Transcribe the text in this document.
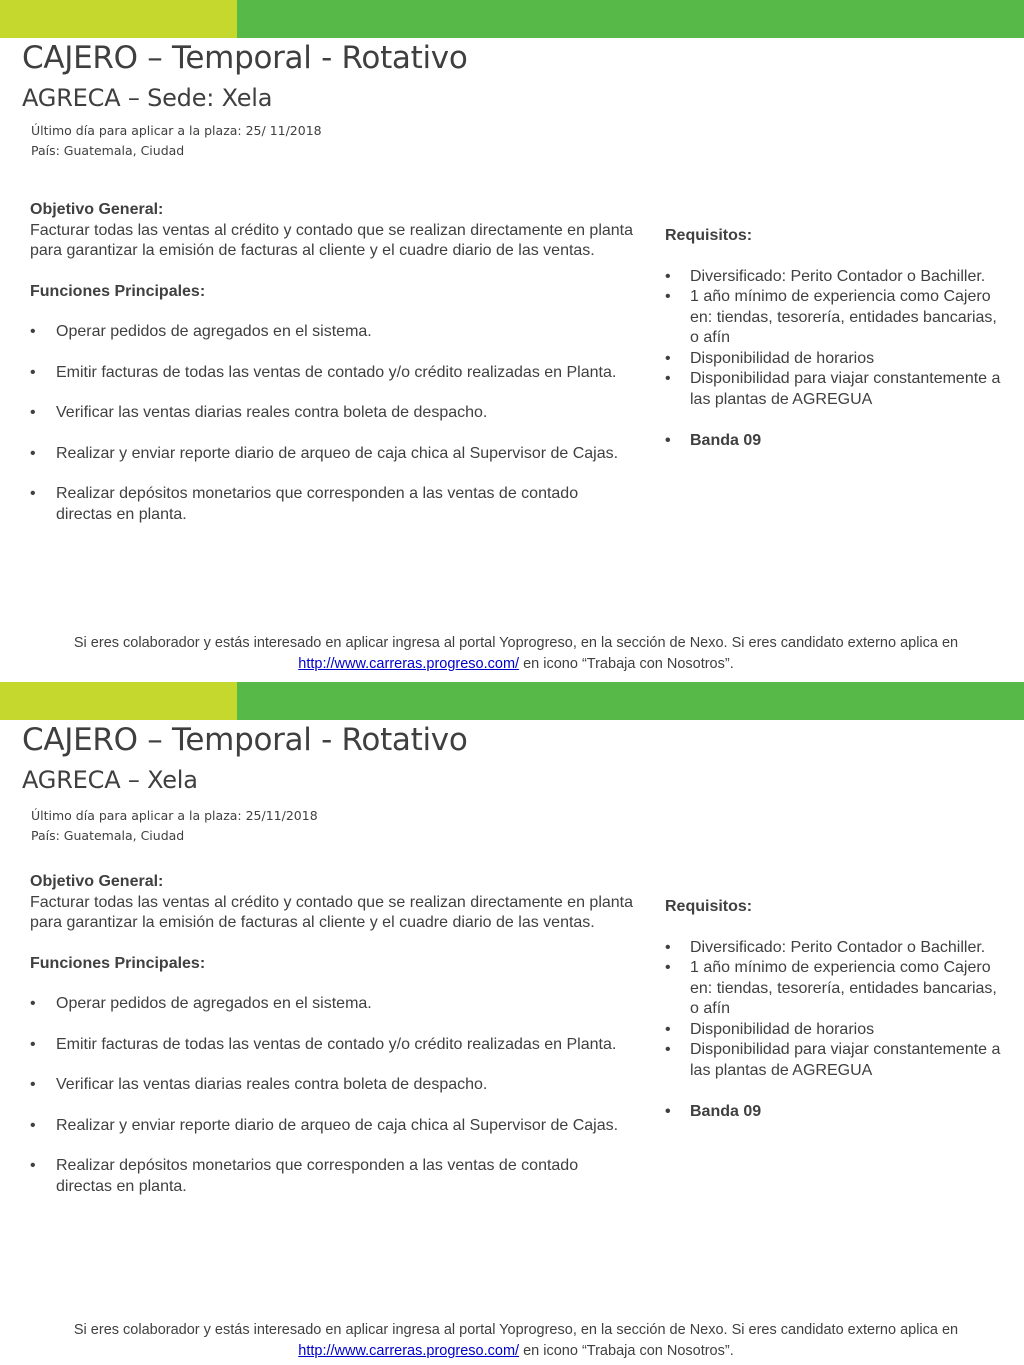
CAJERO – Temporal - Rotativo
AGRECA – Sede: Xela
Último día para aplicar a la plaza: 25/ 11/2018
País: Guatemala, Ciudad
Objetivo General:
Facturar todas las ventas al crédito y contado que se realizan directamente en planta para garantizar la emisión de facturas al cliente y el cuadre diario de las ventas.
Funciones Principales:
• Operar pedidos de agregados en el sistema.
• Emitir facturas de todas las ventas de contado y/o crédito realizadas en Planta.
• Verificar las ventas diarias reales contra boleta de despacho.
• Realizar y enviar reporte diario de arqueo de caja chica al Supervisor de Cajas.
• Realizar depósitos monetarios que corresponden a las ventas de contado directas en planta.
Requisitos:
• Diversificado: Perito Contador o Bachiller.
• 1 año mínimo de experiencia como Cajero en: tiendas, tesorería, entidades bancarias, o afín
• Disponibilidad de horarios
• Disponibilidad para viajar constantemente a las plantas de AGREGUA
• Banda 09
Si eres colaborador y estás interesado en aplicar ingresa al portal Yoprogreso, en la sección de Nexo. Si eres candidato externo aplica en http://www.carreras.progreso.com/ en icono “Trabaja con Nosotros”.
CAJERO – Temporal - Rotativo
AGRECA – Xela
Último día para aplicar a la plaza: 25/11/2018
País: Guatemala, Ciudad
Objetivo General:
Facturar todas las ventas al crédito y contado que se realizan directamente en planta para garantizar la emisión de facturas al cliente y el cuadre diario de las ventas.
Funciones Principales:
• Operar pedidos de agregados en el sistema.
• Emitir facturas de todas las ventas de contado y/o crédito realizadas en Planta.
• Verificar las ventas diarias reales contra boleta de despacho.
• Realizar y enviar reporte diario de arqueo de caja chica al Supervisor de Cajas.
• Realizar depósitos monetarios que corresponden a las ventas de contado directas en planta.
Requisitos:
• Diversificado: Perito Contador o Bachiller.
• 1 año mínimo de experiencia como Cajero en: tiendas, tesorería, entidades bancarias, o afín
• Disponibilidad de horarios
• Disponibilidad para viajar constantemente a las plantas de AGREGUA
• Banda 09
Si eres colaborador y estás interesado en aplicar ingresa al portal Yoprogreso, en la sección de Nexo. Si eres candidato externo aplica en http://www.carreras.progreso.com/ en icono “Trabaja con Nosotros”.
